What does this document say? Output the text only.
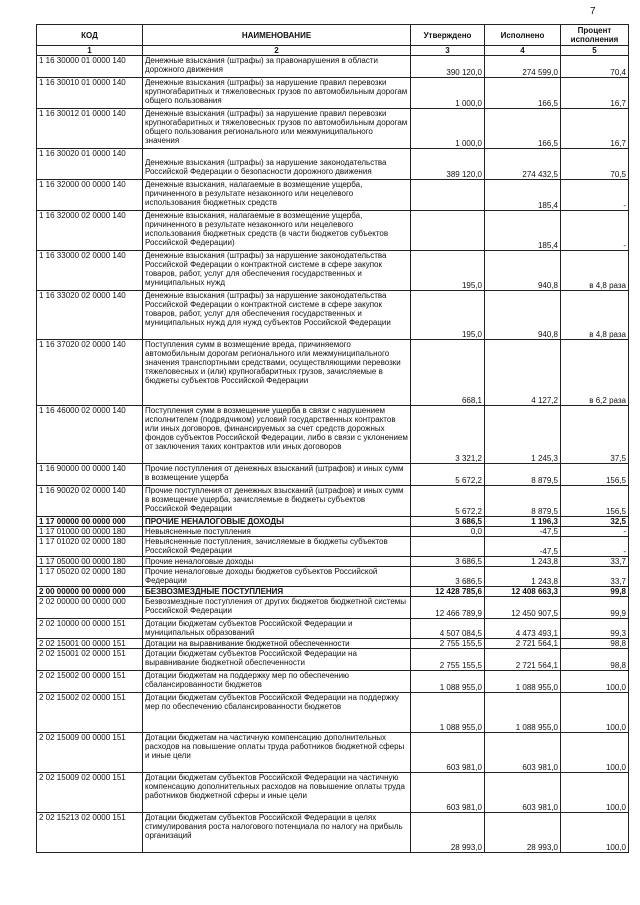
7
КОД	НАИМЕНОВАНИЕ	Утверждено	Исполнено	Процент исполнения
1	2	3	4	5
1 16 30000 01 0000 140	Денежные взыскания (штрафы) за правонарушения в области дорожного движения	390 120,0	274 599,0	70,4
1 16 30010 01 0000 140	Денежные взыскания (штрафы) за нарушение правил перевозки крупногабаритных и тяжеловесных грузов по автомобильным дорогам общего пользования	1 000,0	166,5	16,7
1 16 30012 01 0000 140	Денежные взыскания (штрафы) за нарушение правил перевозки крупногабаритных и тяжеловесных грузов по автомобильным дорогам общего пользования регионального или межмуниципального значения	1 000,0	166,5	16,7
1 16 30020 01 0000 140	Денежные взыскания (штрафы) за нарушение законодательства Российской Федерации о безопасности дорожного движения	389 120,0	274 432,5	70,5
1 16 32000 00 0000 140	Денежные взыскания, налагаемые в возмещение ущерба, причиненного в результате незаконного или нецелевого использования бюджетных средств		185,4	-
1 16 32000 02 0000 140	Денежные взыскания, налагаемые в возмещение ущерба, причиненного в результате незаконного или нецелевого использования бюджетных средств (в части бюджетов субъектов Российской Федерации)		185,4	-
1 16 33000 02 0000 140	Денежные взыскания (штрафы) за нарушение законодательства Российской Федерации о контрактной системе в сфере закупок товаров, работ, услуг для обеспечения государственных и муниципальных нужд	195,0	940,8	в 4,8 раза
1 16 33020 02 0000 140	Денежные взыскания (штрафы) за нарушение законодательства Российской Федерации о контрактной системе в сфере закупок товаров, работ, услуг для обеспечения государственных и муниципальных нужд для нужд субъектов Российской Федерации	195,0	940,8	в 4,8 раза
1 16 37020 02 0000 140	Поступления сумм в возмещение вреда, причиняемого автомобильным дорогам регионального или межмуниципального значения транспортными средствами, осуществляющими перевозки тяжеловесных и (или) крупногабаритных грузов, зачисляемые в бюджеты субъектов Российской Федерации	668,1	4 127,2	в 6,2 раза
1 16 46000 02 0000 140	Поступления сумм в возмещение ущерба в связи с нарушением исполнителем (подрядчиком) условий государственных контрактов или иных договоров, финансируемых за счет средств дорожных фондов субъектов Российской Федерации, либо в связи с уклонением от заключения таких контрактов или иных договоров	3 321,2	1 245,3	37,5
1 16 90000 00 0000 140	Прочие поступления от денежных взысканий (штрафов) и иных сумм в возмещение ущерба	5 672,2	8 879,5	156,5
1 16 90020 02 0000 140	Прочие поступления от денежных взысканий (штрафов) и иных сумм в возмещение ущерба, зачисляемые в бюджеты субъектов Российской Федерации	5 672,2	8 879,5	156,5
1 17 00000 00 0000 000	ПРОЧИЕ НЕНАЛОГОВЫЕ ДОХОДЫ	3 686,5	1 196,3	32,5
1 17 01000 00 0000 180	Невыясненные поступления	0,0	-47,5	-
1 17 01020 02 0000 180	Невыясненные поступления, зачисляемые в бюджеты субъектов Российской Федерации		-47,5	-
1 17 05000 00 0000 180	Прочие неналоговые доходы	3 686,5	1 243,8	33,7
1 17 05020 02 0000 180	Прочие неналоговые доходы бюджетов субъектов Российской Федерации	3 686,5	1 243,8	33,7
2 00 00000 00 0000 000	БЕЗВОЗМЕЗДНЫЕ ПОСТУПЛЕНИЯ	12 428 785,6	12 408 663,3	99,8
2 02 00000 00 0000 000	Безвозмездные поступления от других бюджетов бюджетной системы Российской Федерации	12 466 789,9	12 450 907,5	99,9
2 02 10000 00 0000 151	Дотации бюджетам субъектов Российской Федерации и муниципальных образований	4 507 084,5	4 473 493,1	99,3
2 02 15001 00 0000 151	Дотации на выравнивание бюджетной обеспеченности	2 755 155,5	2 721 564,1	98,8
2 02 15001 02 0000 151	Дотации бюджетам субъектов Российской Федерации на выравнивание бюджетной обеспеченности	2 755 155,5	2 721 564,1	98,8
2 02 15002 00 0000 151	Дотации бюджетам на поддержку мер по обеспечению сбалансированности бюджетов	1 088 955,0	1 088 955,0	100,0
2 02 15002 02 0000 151	Дотации бюджетам субъектов Российской Федерации на поддержку мер по обеспечению сбалансированности бюджетов	1 088 955,0	1 088 955,0	100,0
2 02 15009 00 0000 151	Дотации бюджетам на частичную компенсацию дополнительных расходов на повышение оплаты труда работников бюджетной сферы и иные цели	603 981,0	603 981,0	100,0
2 02 15009 02 0000 151	Дотации бюджетам субъектов Российской Федерации на частичную компенсацию дополнительных расходов на повышение оплаты труда работников бюджетной сферы и иные цели	603 981,0	603 981,0	100,0
2 02 15213 02 0000 151	Дотации бюджетам субъектов Российской Федерации в целях стимулирования роста налогового потенциала по налогу на прибыль организаций	28 993,0	28 993,0	100,0
